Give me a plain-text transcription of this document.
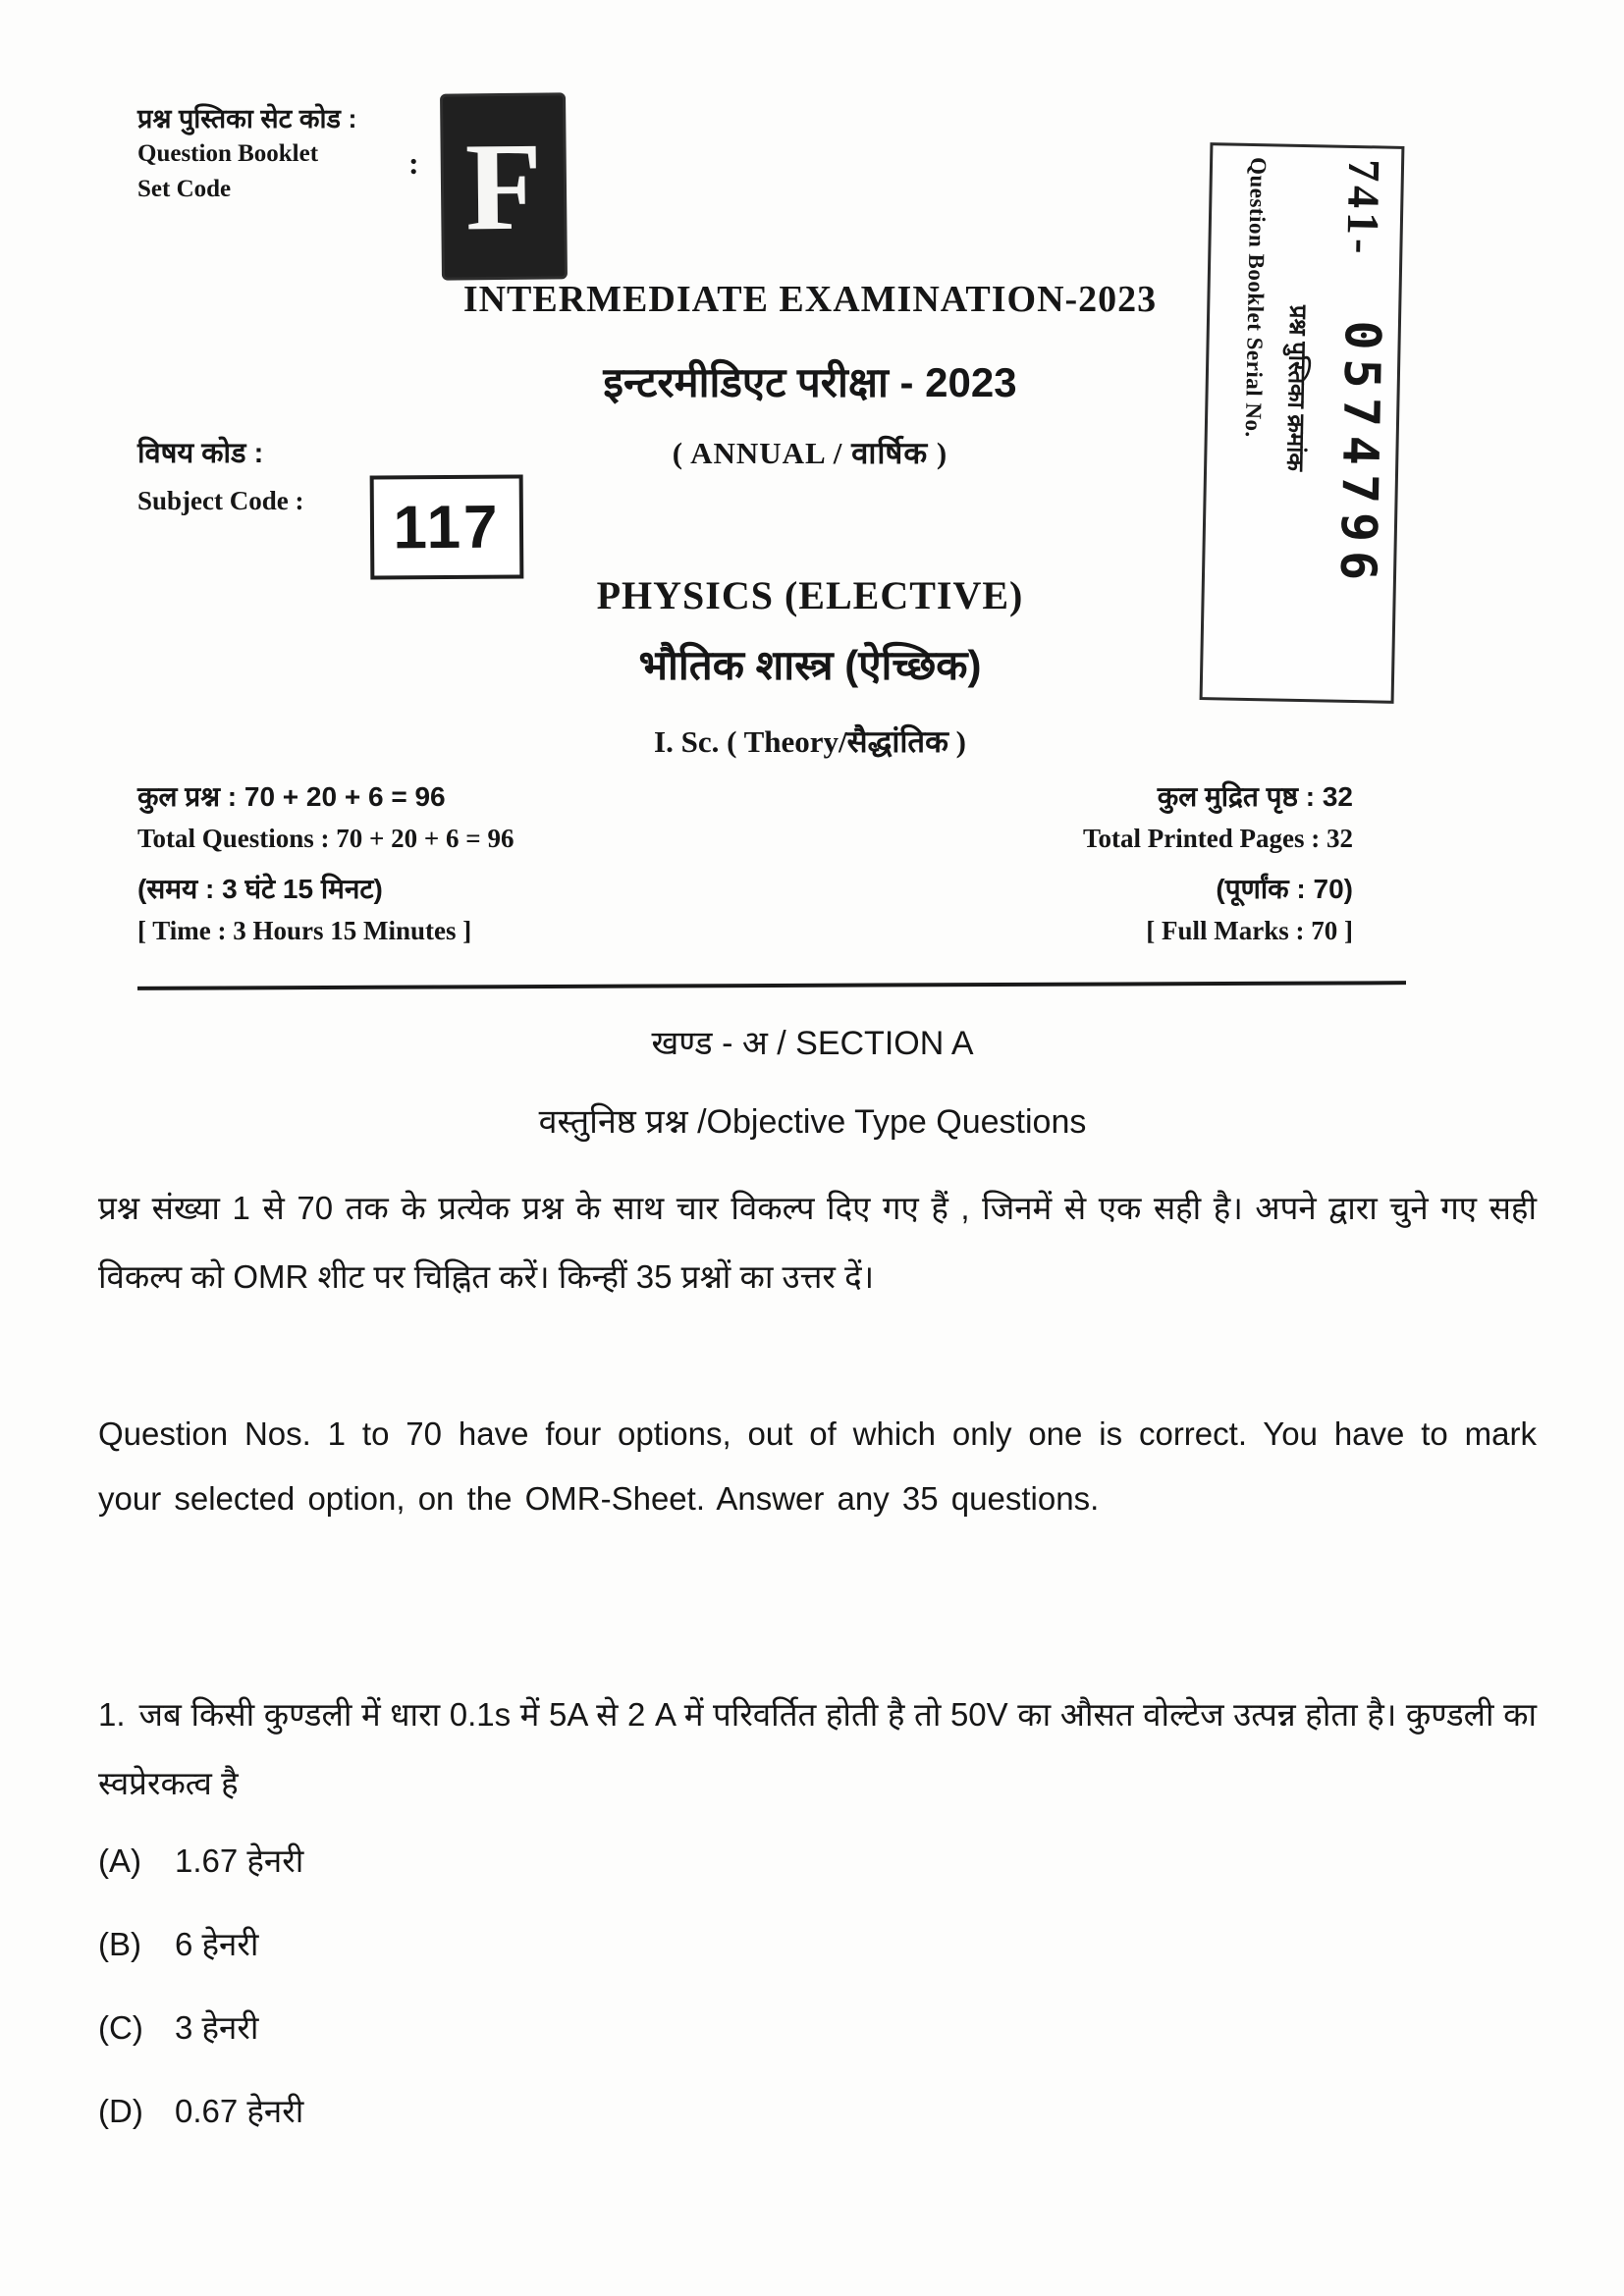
प्रश्न पुस्तिका सेट कोड :
Question Booklet
Set Code
: F
INTERMEDIATE EXAMINATION-2023
इन्टरमीडिएट परीक्षा - 2023
( ANNUAL / वार्षिक )
विषय कोड :
Subject Code :	117
PHYSICS (ELECTIVE)
भौतिक शास्त्र (ऐच्छिक)
I. Sc. ( Theory/सैद्धांतिक )
कुल प्रश्न : 70 + 20 + 6 = 96
Total Questions : 70 + 20 + 6 = 96
(समय : 3 घंटे 15 मिनट)
[ Time : 3 Hours 15 Minutes ]
कुल मुद्रित पृष्ठ : 32
Total Printed Pages : 32
(पूर्णांक : 70)
[ Full Marks : 70 ]
741-
0574796
प्रश्न पुस्तिका क्रमांक
Question Booklet Serial No.
खण्ड - अ / SECTION A
वस्तुनिष्ठ प्रश्न /Objective Type Questions
प्रश्न संख्या 1 से 70 तक के प्रत्येक प्रश्न के साथ चार विकल्प दिए गए हैं , जिनमें से एक सही है। अपने द्वारा चुने गए सही विकल्प को OMR शीट पर चिह्नित करें। किन्हीं 35 प्रश्नों का उत्तर दें।
Question Nos. 1 to 70 have four options, out of which only one is correct. You have to mark your selected option, on the OMR-Sheet. Answer any 35 questions.
1. जब किसी कुण्डली में धारा 0.1s में 5A से 2 A में परिवर्तित होती है तो 50V का औसत वोल्टेज उत्पन्न होता है। कुण्डली का स्वप्रेरकत्व है
(A)	1.67 हेनरी
(B)	6 हेनरी
(C) 3 हेनरी
(D) 0.67 हेनरी
